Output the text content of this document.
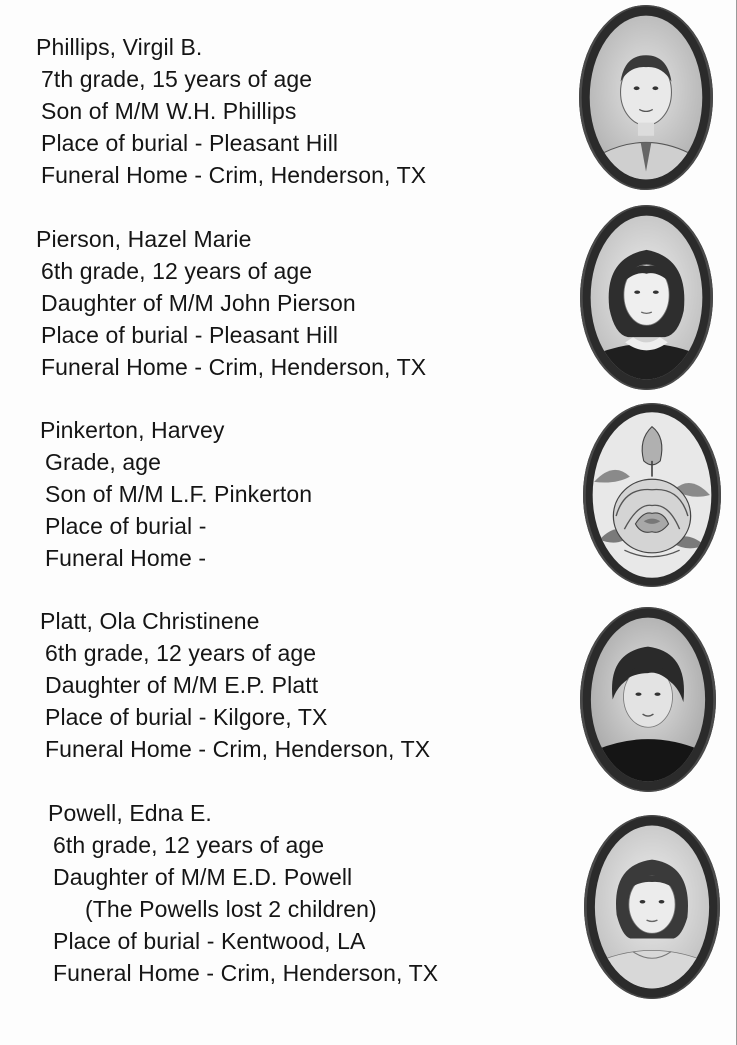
Phillips, Virgil B.
7th grade, 15 years of age
Son of M/M W.H. Phillips
Place of burial - Pleasant Hill
Funeral Home - Crim, Henderson, TX
Pierson, Hazel Marie
6th grade, 12 years of age
Daughter of M/M John Pierson
Place of burial - Pleasant Hill
Funeral Home - Crim, Henderson, TX
Pinkerton, Harvey
Grade, age
Son of M/M L.F. Pinkerton
Place of burial -
Funeral Home -
Platt, Ola Christinene
6th grade, 12 years of age
Daughter of M/M E.P. Platt
Place of burial - Kilgore, TX
Funeral Home - Crim, Henderson, TX
Powell, Edna E.
6th grade, 12 years of age
Daughter of M/M E.D. Powell
(The Powells lost 2 children)
Place of burial - Kentwood, LA
Funeral Home - Crim, Henderson, TX
